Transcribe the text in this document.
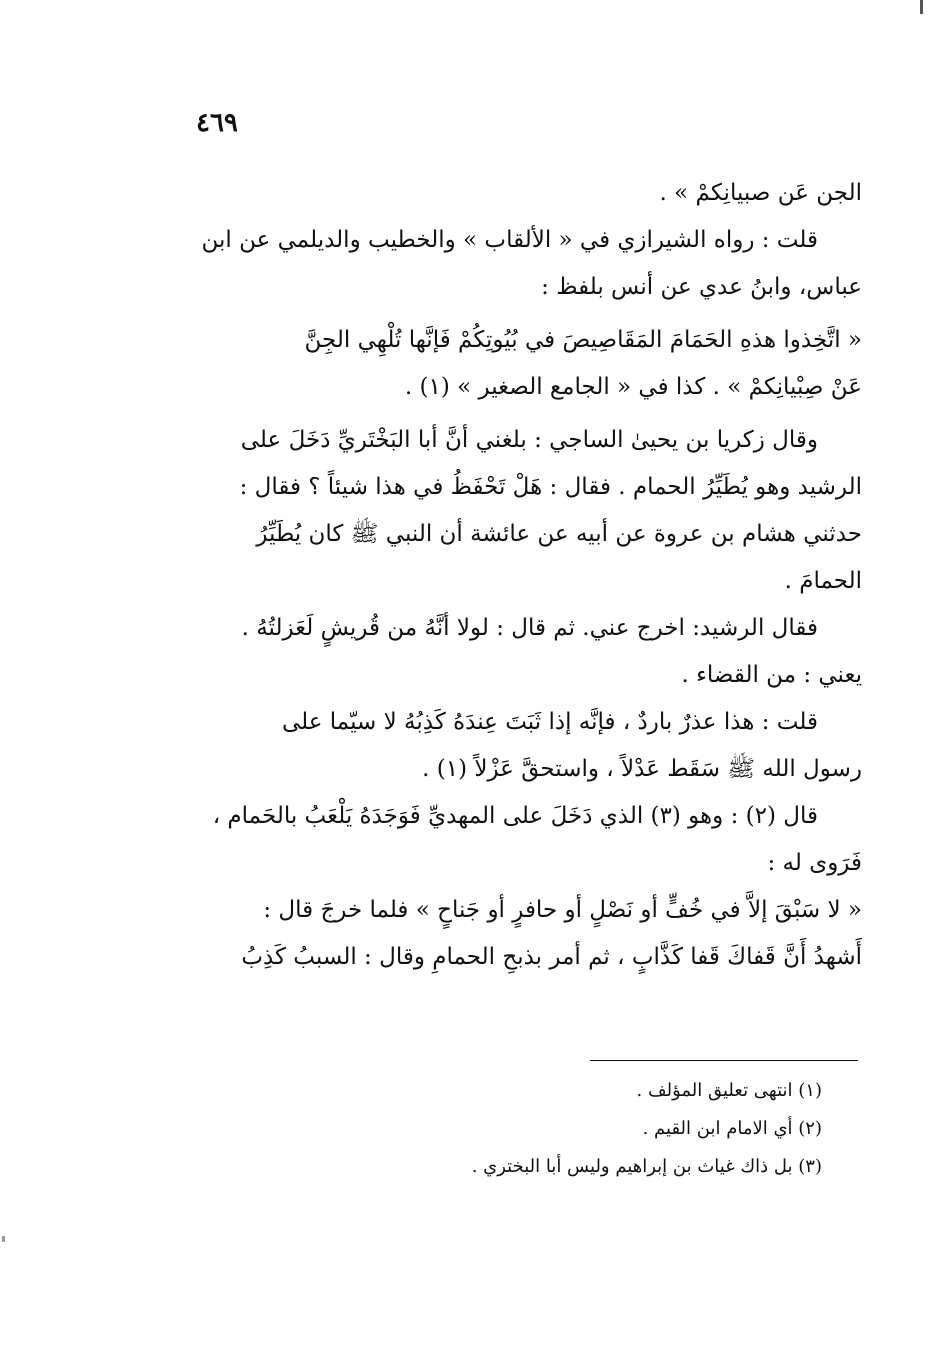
٤٦٩
الجن عَن صبيانِكمْ » .
قلت : رواه الشيرازي في « الألقاب » والخطيب والديلمي عن ابن
عباس، وابنُ عدي عن أنس بلفظ :
« اتَّخِذوا هذهِ الحَمَامَ المَقَاصِيصَ في بُيُوتِكُمْ فَإنَّها تُلْهِي الجِنَّ
عَنْ صِبْيانِكمْ » . كذا في « الجامع الصغير » (١) .
وقال زكريا بن يحيىٰ الساجي : بلغني أنَّ أبا البَخْتَريِّ دَخَلَ على
الرشيد وهو يُطَيِّرُ الحمام . فقال : هَلْ تَحْفَظُ في هذا شيئاً ؟ فقال :
حدثني هشام بن عروة عن أبيه عن عائشة أن النبي ﷺ كان يُطَيِّرُ
الحمامَ .
فقال الرشيد: اخرج عني. ثم قال : لولا أنَّهُ من قُريشٍ لَعَزلتُهُ .
يعني : من القضاء .
قلت : هذا عذرٌ باردٌ ، فإنَّه إذا ثَبَتَ عِندَهُ كَذِبُهُ لا سيّما على
رسول الله ﷺ سَقَط عَدْلاً ، واستحقَّ عَزْلاً (١) .
قال (٢) : وهو (٣) الذي دَخَلَ على المهديِّ فَوَجَدَهُ يَلْعَبُ بالحَمام ،
فَرَوى له :
« لا سَبْقَ إلاَّ في خُفٍّ أو نَصْلٍ أو حافرٍ أو جَناحٍ » فلما خرجَ قال :
أَشهدُ أَنَّ قَفاكَ قَفا كَذَّابٍ ، ثم أمر بذبحِ الحمامِ وقال : السببُ كَذِبُ
(١) انتهى تعليق المؤلف .
(٢) أي الامام ابن القيم .
(٣) بل ذاك غياث بن إبراهيم وليس أبا البختري .
